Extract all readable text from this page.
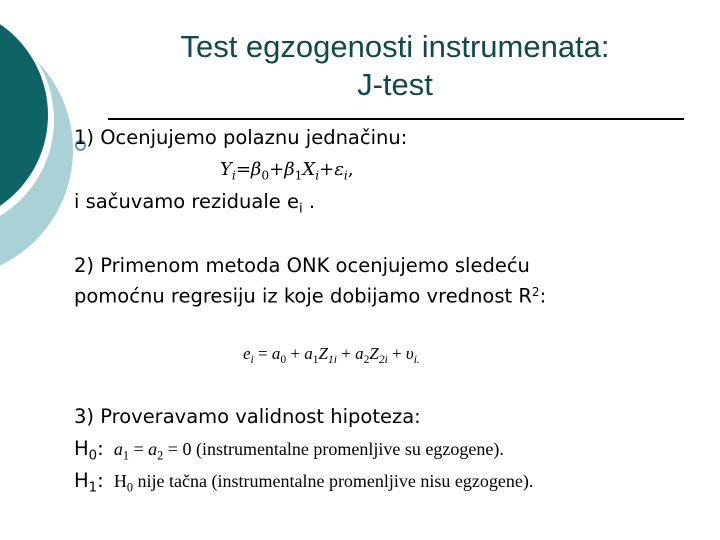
Test egzogenosti instrumenata:
J-test
1) Ocenjujemo polaznu jednačinu:
$Y_i=\beta_0+\beta_1X_i+\varepsilon_i$,
i sačuvamo reziduale $e_i$ .
2) Primenom metoda ONK ocenjujemo sledeću
pomoćnu regresiju iz koje dobijamo vrednost $R^2$:
$e_i = a_0 + a_1Z_{1i} + a_2Z_{2i} + \upsilon_{i.}$
3) Proveravamo validnost hipoteza:
$H_0$: $a_1 = a_2 = 0$ (instrumentalne promenljive su egzogene).
$H_1$: $H_0$ nije tačna (instrumentalne promenljive nisu egzogene).
